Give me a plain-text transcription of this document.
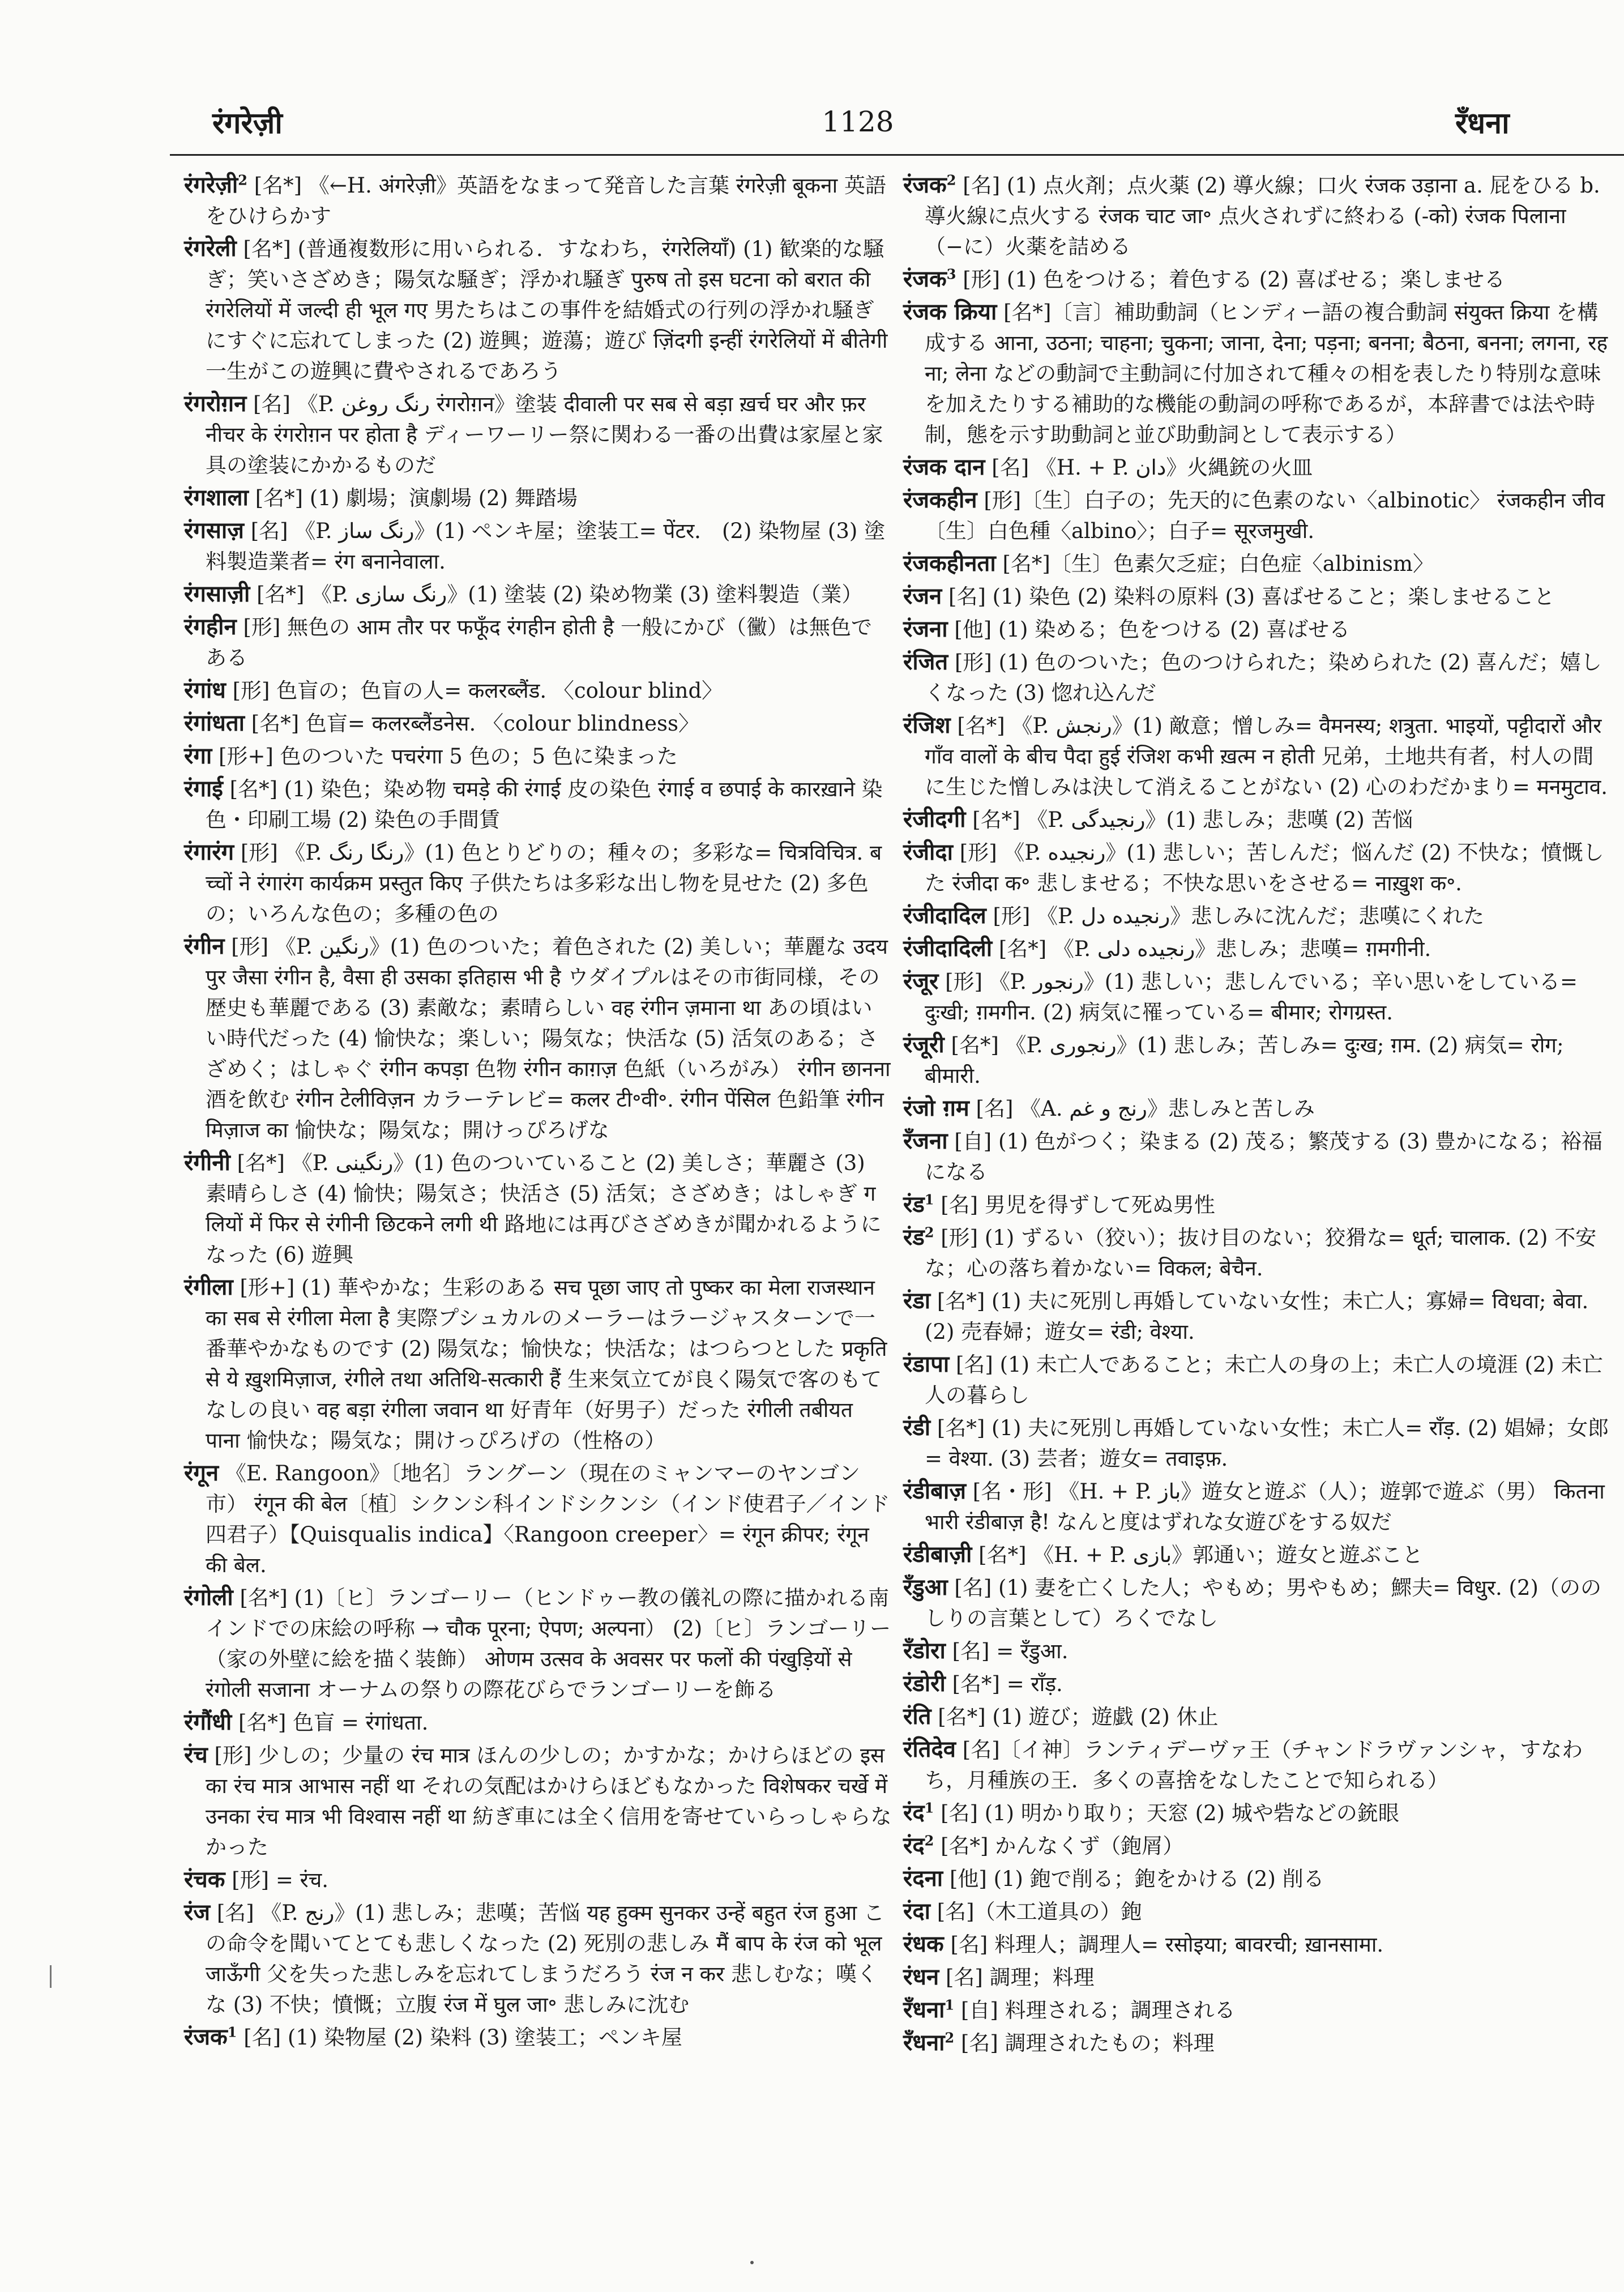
रंगरेज़ी	1128	रँधना
रंगरेज़ी$^2$ [名*] 《←H. अंगरेज़ी》英語をなまって発音した言葉 रंगरेज़ी बूकना 英語をひけらかす
रंगरेली [名*] (普通複数形に用いられる．すなわち，रंगरेलियाँ) (1) 歓楽的な騒ぎ；笑いさざめき；陽気な騒ぎ；浮かれ騒ぎ पुरुष तो इस घटना को बरात की रंगरेलियों में जल्दी ही भूल गए 男たちはこの事件を結婚式の行列の浮かれ騒ぎにすぐに忘れてしまった (2) 遊興；遊蕩；遊び ज़िंदगी इन्हीं रंगरेलियों में बीतेगी 一生がこの遊興に費やされるであろう
रंगरोग़न [名] 《P. رنگ روغن रंगरोग़न》塗装 दीवाली पर सब से बड़ा ख़र्च घर और फ़रनीचर के रंगरोग़न पर होता है ディーワーリー祭に関わる一番の出費は家屋と家具の塗装にかかるものだ
रंगशाला [名*] (1) 劇場；演劇場 (2) 舞踏場
रंगसाज़ [名] 《P. رنگ ساز》(1) ペンキ屋；塗装工= पेंटर． (2) 染物屋 (3) 塗料製造業者= रंग बनानेवाला.
रंगसाज़ी [名*] 《P. رنگ سازی》(1) 塗装 (2) 染め物業 (3) 塗料製造（業）
रंगहीन [形] 無色の आम तौर पर फफूँद रंगहीन होती है 一般にかび（黴）は無色である
रंगांध [形] 色盲の；色盲の人= कलरब्लैंड. 〈colour blind〉
रंगांधता [名*] 色盲= कलरब्लैंडनेस. 〈colour blindness〉
रंगा [形+] 色のついた पचरंगा 5 色の；5 色に染まった
रंगाई [名*] (1) 染色；染め物 चमड़े की रंगाई 皮の染色 रंगाई व छपाई के कारख़ाने 染色・印刷工場 (2) 染色の手間賃
रंगारंग [形] 《P. رنگا رنگ》(1) 色とりどりの；種々の；多彩な= चित्रविचित्र. बच्चों ने रंगारंग कार्यक्रम प्रस्तुत किए 子供たちは多彩な出し物を見せた (2) 多色の；いろんな色の；多種の色の
रंगीन [形] 《P. رنگین》(1) 色のついた；着色された (2) 美しい；華麗な उदयपुर जैसा रंगीन है, वैसा ही उसका इतिहास भी है ウダイプルはその市街同様，その歴史も華麗である (3) 素敵な；素晴らしい वह रंगीन ज़माना था あの頃はいい時代だった (4) 愉快な；楽しい；陽気な；快活な (5) 活気のある；さざめく；はしゃぐ रंगीन कपड़ा 色物 रंगीन काग़ज़ 色紙（いろがみ） रंगीन छानना 酒を飲む रंगीन टेलीविज़न カラーテレビ= कलर टी॰वी॰. रंगीन पेंसिल 色鉛筆 रंगीन मिज़ाज का 愉快な；陽気な；開けっぴろげな
रंगीनी [名*] 《P. رنگینی》(1) 色のついていること (2) 美しさ；華麗さ (3) 素晴らしさ (4) 愉快；陽気さ；快活さ (5) 活気；さざめき；はしゃぎ गलियों में फिर से रंगीनी छिटकने लगी थी 路地には再びさざめきが聞かれるようになった (6) 遊興
रंगीला [形+] (1) 華やかな；生彩のある सच पूछा जाए तो पुष्कर का मेला राजस्थान का सब से रंगीला मेला है 実際プシュカルのメーラーはラージャスターンで一番華やかなものです (2) 陽気な；愉快な；快活な；はつらつとした प्रकृति से ये ख़ुशमिज़ाज, रंगीले तथा अतिथि-सत्कारी हैं 生来気立てが良く陽気で客のもてなしの良い वह बड़ा रंगीला जवान था 好青年（好男子）だった रंगीली तबीयत पाना 愉快な；陽気な；開けっぴろげの（性格の）
रंगून 《E. Rangoon》〔地名〕ラングーン（現在のミャンマーのヤンゴン市） रंगून की बेल〔植〕シクンシ科インドシクンシ（インド使君子／インド四君子）【Quisqualis indica】〈Rangoon creeper〉= रंगून क्रीपर; रंगून की बेल.
रंगोली [名*] (1)〔ヒ〕ランゴーリー（ヒンドゥー教の儀礼の際に描かれる南インドでの床絵の呼称 → चौक पूरना; ऐपण; अल्पना） (2)〔ヒ〕ランゴーリー（家の外壁に絵を描く装飾） ओणम उत्सव के अवसर पर फलों की पंखुड़ियों से रंगोली सजाना オーナムの祭りの際花びらでランゴーリーを飾る
रंगौंधी [名*] 色盲 = रंगांधता.
रंच [形] 少しの；少量の रंच मात्र ほんの少しの；かすかな；かけらほどの इसका रंच मात्र आभास नहीं था それの気配はかけらほどもなかった विशेषकर चर्खे में उनका रंच मात्र भी विश्वास नहीं था 紡ぎ車には全く信用を寄せていらっしゃらなかった
रंचक [形] = रंच.
रंज [名] 《P. رنج》(1) 悲しみ；悲嘆；苦悩 यह हुक्म सुनकर उन्हें बहुत रंज हुआ この命令を聞いてとても悲しくなった (2) 死別の悲しみ मैं बाप के रंज को भूल जाऊँगी 父を失った悲しみを忘れてしまうだろう रंज न कर 悲しむな；嘆くな (3) 不快；憤慨；立腹 रंज में घुल जा॰ 悲しみに沈む
रंजक$^1$ [名] (1) 染物屋 (2) 染料 (3) 塗装工；ペンキ屋
रंजक$^2$ [名] (1) 点火剤；点火薬 (2) 導火線；口火 रंजक उड़ाना a. 屁をひる b. 導火線に点火する रंजक चाट जा॰ 点火されずに終わる (-को) रंजक पिलाना （−に）火薬を詰める
रंजक$^3$ [形] (1) 色をつける；着色する (2) 喜ばせる；楽しませる
रंजक क्रिया [名*]〔言〕補助動詞（ヒンディー語の複合動詞 संयुक्त क्रिया を構成する आना, उठना; चाहना; चुकना; जाना, देना; पड़ना; बनना; बैठना, बनना; लगना, रहना; लेना などの動詞で主動詞に付加されて種々の相を表したり特別な意味を加えたりする補助的な機能の動詞の呼称であるが，本辞書では法や時制，態を示す助動詞と並び助動詞として表示する）
रंजक दान [名] 《H. + P. دان》火縄銃の火皿
रंजकहीन [形]〔生〕白子の；先天的に色素のない〈albinotic〉 रंजकहीन जीव〔生〕白色種〈albino〉；白子= सूरजमुखी.
रंजकहीनता [名*]〔生〕色素欠乏症；白色症〈albinism〉
रंजन [名] (1) 染色 (2) 染料の原料 (3) 喜ばせること；楽しませること
रंजना [他] (1) 染める；色をつける (2) 喜ばせる
रंजित [形] (1) 色のついた；色のつけられた；染められた (2) 喜んだ；嬉しくなった (3) 惚れ込んだ
रंजिश [名*] 《P. رنجش》(1) 敵意；憎しみ= वैमनस्य; शत्रुता. भाइयों, पट्टीदारों और गाँव वालों के बीच पैदा हुई रंजिश कभी ख़त्म न होती 兄弟，土地共有者，村人の間に生じた憎しみは決して消えることがない (2) 心のわだかまり= मनमुटाव.
रंजीदगी [名*] 《P. رنجیدگی》(1) 悲しみ；悲嘆 (2) 苦悩
रंजीदा [形] 《P. رنجیده》(1) 悲しい；苦しんだ；悩んだ (2) 不快な；憤慨した रंजीदा क॰ 悲しませる；不快な思いをさせる= नाख़ुश क॰.
रंजीदादिल [形] 《P. رنجیده دل》悲しみに沈んだ；悲嘆にくれた
रंजीदादिली [名*] 《P. رنجیده دلی》悲しみ；悲嘆= ग़मगीनी.
रंजूर [形] 《P. رنجور》(1) 悲しい；悲しんでいる；辛い思いをしている= दुःखी; ग़मगीन. (2) 病気に罹っている= बीमार; रोगग्रस्त.
रंजूरी [名*] 《P. رنجوری》(1) 悲しみ；苦しみ= दुःख; ग़म. (2) 病気= रोग; बीमारी.
रंजो ग़म [名] 《A. رنج و غم》悲しみと苦しみ
रँजना [自] (1) 色がつく；染まる (2) 茂る；繁茂する (3) 豊かになる；裕福になる
रंड$^1$ [名] 男児を得ずして死ぬ男性
रंड$^2$ [形] (1) ずるい（狡い）；抜け目のない；狡猾な= धूर्त; चालाक. (2) 不安な；心の落ち着かない= विकल; बेचैन.
रंडा [名*] (1) 夫に死別し再婚していない女性；未亡人；寡婦= विधवा; बेवा. (2) 売春婦；遊女= रंडी; वेश्या.
रंडापा [名] (1) 未亡人であること；未亡人の身の上；未亡人の境涯 (2) 未亡人の暮らし
रंडी [名*] (1) 夫に死別し再婚していない女性；未亡人= राँड़. (2) 娼婦；女郎= वेश्या. (3) 芸者；遊女= तवाइफ़.
रंडीबाज़ [名・形] 《H. + P. باز》遊女と遊ぶ（人）；遊郭で遊ぶ（男） कितना भारी रंडीबाज़ है! なんと度はずれな女遊びをする奴だ
रंडीबाज़ी [名*] 《H. + P. بازی》郭通い；遊女と遊ぶこと
रँडुआ [名] (1) 妻を亡くした人；やもめ；男やもめ；鰥夫= विधुर. (2)（ののしりの言葉として）ろくでなし
रँडोरा [名] = रँडुआ.
रंडोरी [名*] = राँड़.
रंति [名*] (1) 遊び；遊戯 (2) 休止
रंतिदेव [名]〔イ神〕ランティデーヴァ王（チャンドラヴァンシャ，すなわち，月種族の王．多くの喜捨をなしたことで知られる）
रंद$^1$ [名] (1) 明かり取り；天窓 (2) 城や砦などの銃眼
रंद$^2$ [名*] かんなくず（鉋屑）
रंदना [他] (1) 鉋で削る；鉋をかける (2) 削る
रंदा [名]（木工道具の）鉋
रंधक [名] 料理人；調理人= रसोइया; बावरची; ख़ानसामा.
रंधन [名] 調理；料理
रँधना$^1$ [自] 料理される；調理される
रँधना$^2$ [名] 調理されたもの；料理
